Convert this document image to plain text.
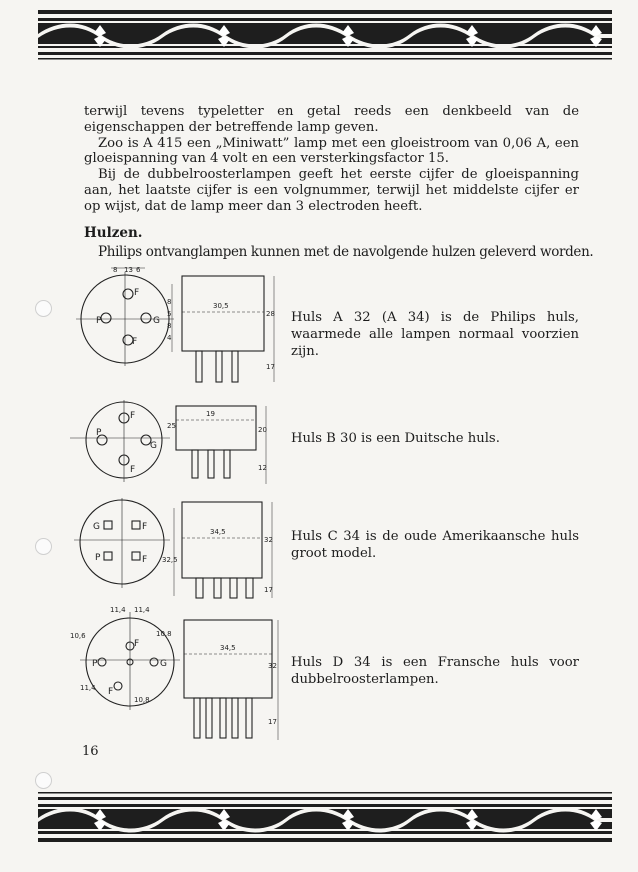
terwijl tevens typeletter en getal reeds een denkbeeld van de eigenschappen der betreffende lamp geven.

Zoo is A 415 een „Miniwatt” lamp met een gloeistroom van 0,06 A, een gloeispanning van 4 volt en een versterkingsfactor 15.

Bij de dubbelroosterlampen geeft het eerste cijfer de gloeispanning aan, het laatste cijfer is een volgnummer, terwijl het middelste cijfer er op wijst, dat de lamp meer dan 3 electroden heeft.

Hulzen.
Philips ontvanglampen kunnen met de navolgende hulzen geleverd worden.
8 13 6
30,5
28
17
8
5
8
4
F
F
G
P	Huls A 32 (A 34) is de Philips huls, waarmede alle lampen normaal voorzien zijn.
19
20
25
12
F
P
G
F
Huls B 30 is een Duitsche huls.
34,5
32
32,5
17
G	F
P	F
Huls C 34 is de oude Amerikaansche huls groot model.
11,4 11,4
10,6	10,8
11,4
10,8
34,5
32
17
F
P	G
F
Huls D 34 is een Fransche huls voor dubbelroosterlampen.
16
